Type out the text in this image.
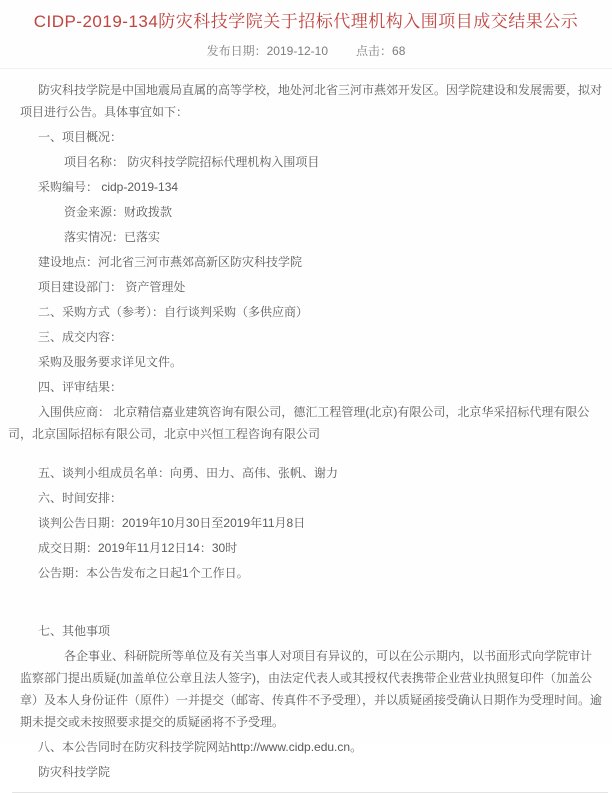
CIDP-2019-134防灾科技学院关于招标代理机构入围项目成交结果公示
发布日期：2019-12-10 点击：68

防灾科技学院是中国地震局直属的高等学校，地处河北省三河市燕郊开发区。因学院建设和发展需要，拟对项目进行公告。具体事宜如下：

一、项目概况：

项目名称： 防灾科技学院招标代理机构入围项目

采购编号： cidp-2019-134

资金来源：财政拨款

落实情况：已落实

建设地点：河北省三河市燕郊高新区防灾科技学院

项目建设部门： 资产管理处

二、采购方式（参考）：自行谈判采购（多供应商）

三、成交内容：

采购及服务要求详见文件。

四、评审结果：

入围供应商： 北京精信嘉业建筑咨询有限公司，德汇工程管理(北京)有限公司，北京华采招标代理有限公司，北京国际招标有限公司，北京中兴恒工程咨询有限公司

五、谈判小组成员名单：向勇、田力、高伟、张帆、谢力

六、时间安排：

谈判公告日期：2019年10月30日至2019年11月8日

成交日期：2019年11月12日14：30时

公告期：本公告发布之日起1个工作日。

七、其他事项

各企事业、科研院所等单位及有关当事人对项目有异议的，可以在公示期内，以书面形式向学院审计监察部门提出质疑(加盖单位公章且法人签字)，由法定代表人或其授权代表携带企业营业执照复印件（加盖公章）及本人身份证件（原件）一并提交（邮寄、传真件不予受理），并以质疑函接受确认日期作为受理时间。逾期未提交或未按照要求提交的质疑函将不予受理。

八、本公告同时在防灾科技学院网站http://www.cidp.edu.cn。

防灾科技学院
